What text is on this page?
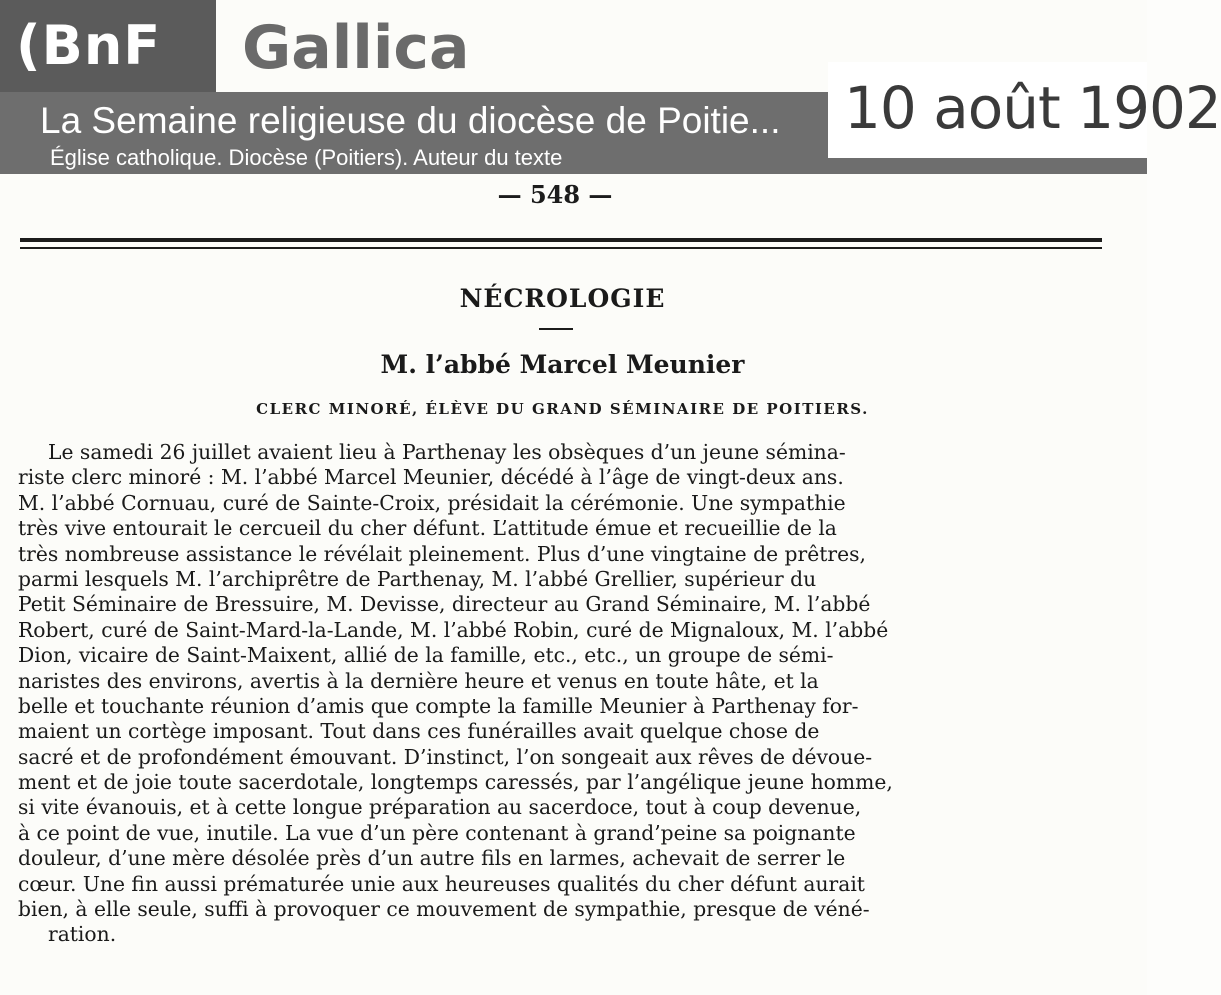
(BnF	Gallica
La Semaine religieuse du diocèse de Poitie...
Église catholique. Diocèse (Poitiers). Auteur du texte
10 août 1902
— 548 —
NÉCROLOGIE
M. l’abbé Marcel Meunier
CLERC MINORÉ, ÉLÈVE DU GRAND SÉMINAIRE DE POITIERS.
Le samedi 26 juillet avaient lieu à Parthenay les obsèques d’un jeune sémina-
riste clerc minoré : M. l’abbé Marcel Meunier, décédé à l’âge de vingt-deux ans.
M. l’abbé Cornuau, curé de Sainte-Croix, présidait la cérémonie. Une sympathie
très vive entourait le cercueil du cher défunt. L’attitude émue et recueillie de la
très nombreuse assistance le révélait pleinement. Plus d’une vingtaine de prêtres,
parmi lesquels M. l’archiprêtre de Parthenay, M. l’abbé Grellier, supérieur du
Petit Séminaire de Bressuire, M. Devisse, directeur au Grand Séminaire, M. l’abbé
Robert, curé de Saint-Mard-la-Lande, M. l’abbé Robin, curé de Mignaloux, M. l’abbé
Dion, vicaire de Saint-Maixent, allié de la famille, etc., etc., un groupe de sémi-
naristes des environs, avertis à la dernière heure et venus en toute hâte, et la
belle et touchante réunion d’amis que compte la famille Meunier à Parthenay for-
maient un cortège imposant. Tout dans ces funérailles avait quelque chose de
sacré et de profondément émouvant. D’instinct, l’on songeait aux rêves de dévoue-
ment et de joie toute sacerdotale, longtemps caressés, par l’angélique jeune homme,
si vite évanouis, et à cette longue préparation au sacerdoce, tout à coup devenue,
à ce point de vue, inutile. La vue d’un père contenant à grand’peine sa poignante
douleur, d’une mère désolée près d’un autre fils en larmes, achevait de serrer le
cœur. Une fin aussi prématurée unie aux heureuses qualités du cher défunt aurait
bien, à elle seule, suffi à provoquer ce mouvement de sympathie, presque de véné-
ration.
